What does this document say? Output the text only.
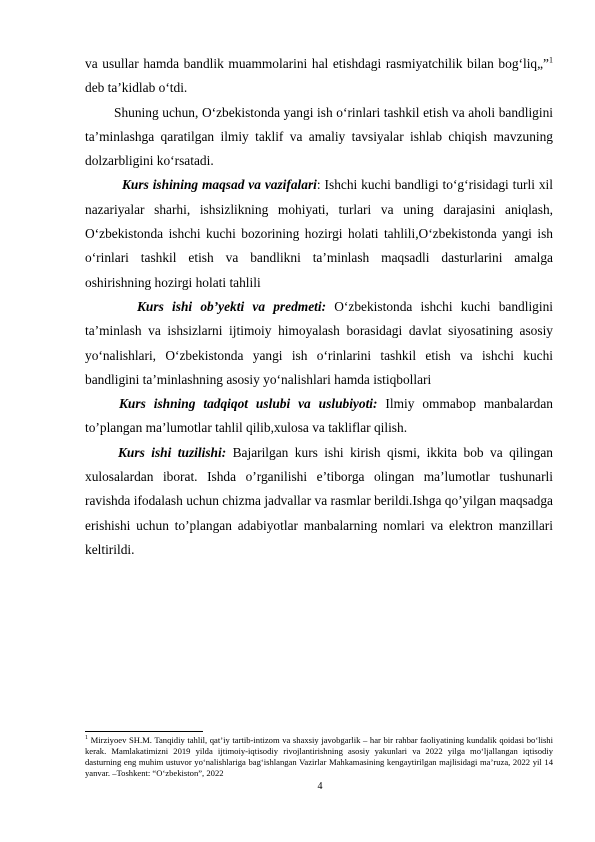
va usullar hamda bandlik muammolarini hal etishdagi rasmiyatchilik bilan bog‘liq„”$^1$ deb ta’kidlab o‘tdi.

Shuning uchun, O‘zbekistonda yangi ish o‘rinlari tashkil etish va aholi bandligini ta’minlashga qaratilgan ilmiy taklif va amaliy tavsiyalar ishlab chiqish mavzuning dolzarbligini ko‘rsatadi.

Kurs ishining maqsad va vazifalari: Ishchi kuchi bandligi to‘g‘risidagi turli xil nazariyalar sharhi, ishsizlikning mohiyati, turlari va uning darajasini aniqlash, O‘zbekistonda ishchi kuchi bozorining hozirgi holati tahlili,O‘zbekistonda yangi ish o‘rinlari tashkil etish va bandlikni ta’minlash maqsadli dasturlarini amalga oshirishning hozirgi holati tahlili

Kurs ishi ob’yekti va predmeti: O‘zbekistonda ishchi kuchi bandligini ta’minlash va ishsizlarni ijtimoiy himoyalash borasidagi davlat siyosatining asosiy yo‘nalishlari, O‘zbekistonda yangi ish o‘rinlarini tashkil etish va ishchi kuchi bandligini ta’minlashning asosiy yo‘nalishlari hamda istiqbollari

Kurs ishning tadqiqot uslubi va uslubiyoti: Ilmiy ommabop manbalardan to’plangan ma’lumotlar tahlil qilib,xulosa va takliflar qilish.

Kurs ishi tuzilishi: Bajarilgan kurs ishi kirish qismi, ikkita bob va qilingan xulosalardan iborat. Ishda o’rganilishi e’tiborga olingan ma’lumotlar tushunarli ravishda ifodalash uchun chizma jadvallar va rasmlar berildi.Ishga qo’yilgan maqsadga erishishi uchun to’plangan adabiyotlar manbalarning nomlari va elektron manzillari keltirildi.

$^1$ Mirziyoev SH.M. Tanqidiy tahlil, qat’iy tartib-intizom va shaxsiy javobgarlik – har bir rahbar faoliyatining kundalik qoidasi bo‘lishi kerak. Mamlakatimizni 2019 yilda ijtimoiy-iqtisodiy rivojlantirishning asosiy yakunlari va 2022 yilga mo‘ljallangan iqtisodiy dasturning eng muhim ustuvor yo‘nalishlariga bag‘ishlangan Vazirlar Mahkamasining kengaytirilgan majlisidagi ma’ruza, 2022 yil 14 yanvar. –Toshkent: “O‘zbekiston”, 2022
4
